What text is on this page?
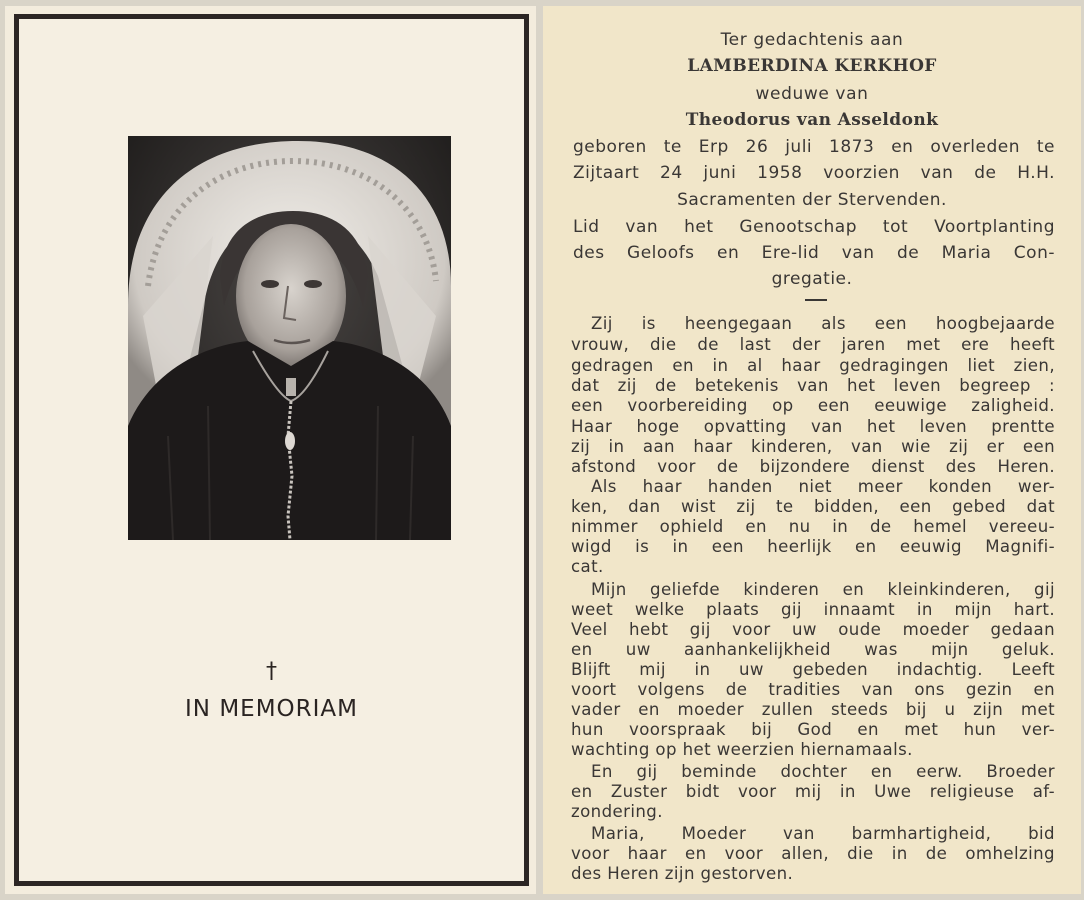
†
IN MEMORIAM
Ter gedachtenis aan
LAMBERDINA KERKHOF
weduwe van
Theodorus van Asseldonk
geboren te Erp 26 juli 1873 en overleden te
Zijtaart 24 juni 1958 voorzien van de H.H.
Sacramenten der Stervenden.
Lid van het Genootschap tot Voortplanting
des Geloofs en Ere-lid van de Maria Con-
gregatie.
Zij is heengegaan als een hoogbejaarde
vrouw, die de last der jaren met ere heeft
gedragen en in al haar gedragingen liet zien,
dat zij de betekenis van het leven begreep :
een voorbereiding op een eeuwige zaligheid.
Haar hoge opvatting van het leven prentte
zij in aan haar kinderen, van wie zij er een
afstond voor de bijzondere dienst des Heren.
Als haar handen niet meer konden wer-
ken, dan wist zij te bidden, een gebed dat
nimmer ophield en nu in de hemel vereeu-
wigd is in een heerlijk en eeuwig Magnifi-
cat.
Mijn geliefde kinderen en kleinkinderen, gij
weet welke plaats gij innaamt in mijn hart.
Veel hebt gij voor uw oude moeder gedaan
en uw aanhankelijkheid was mijn geluk.
Blijft mij in uw gebeden indachtig. Leeft
voort volgens de tradities van ons gezin en
vader en moeder zullen steeds bij u zijn met
hun voorspraak bij God en met hun ver-
wachting op het weerzien hiernamaals.
En gij beminde dochter en eerw. Broeder
en Zuster bidt voor mij in Uwe religieuse af-
zondering.
Maria, Moeder van barmhartigheid, bid
voor haar en voor allen, die in de omhelzing
des Heren zijn gestorven.
